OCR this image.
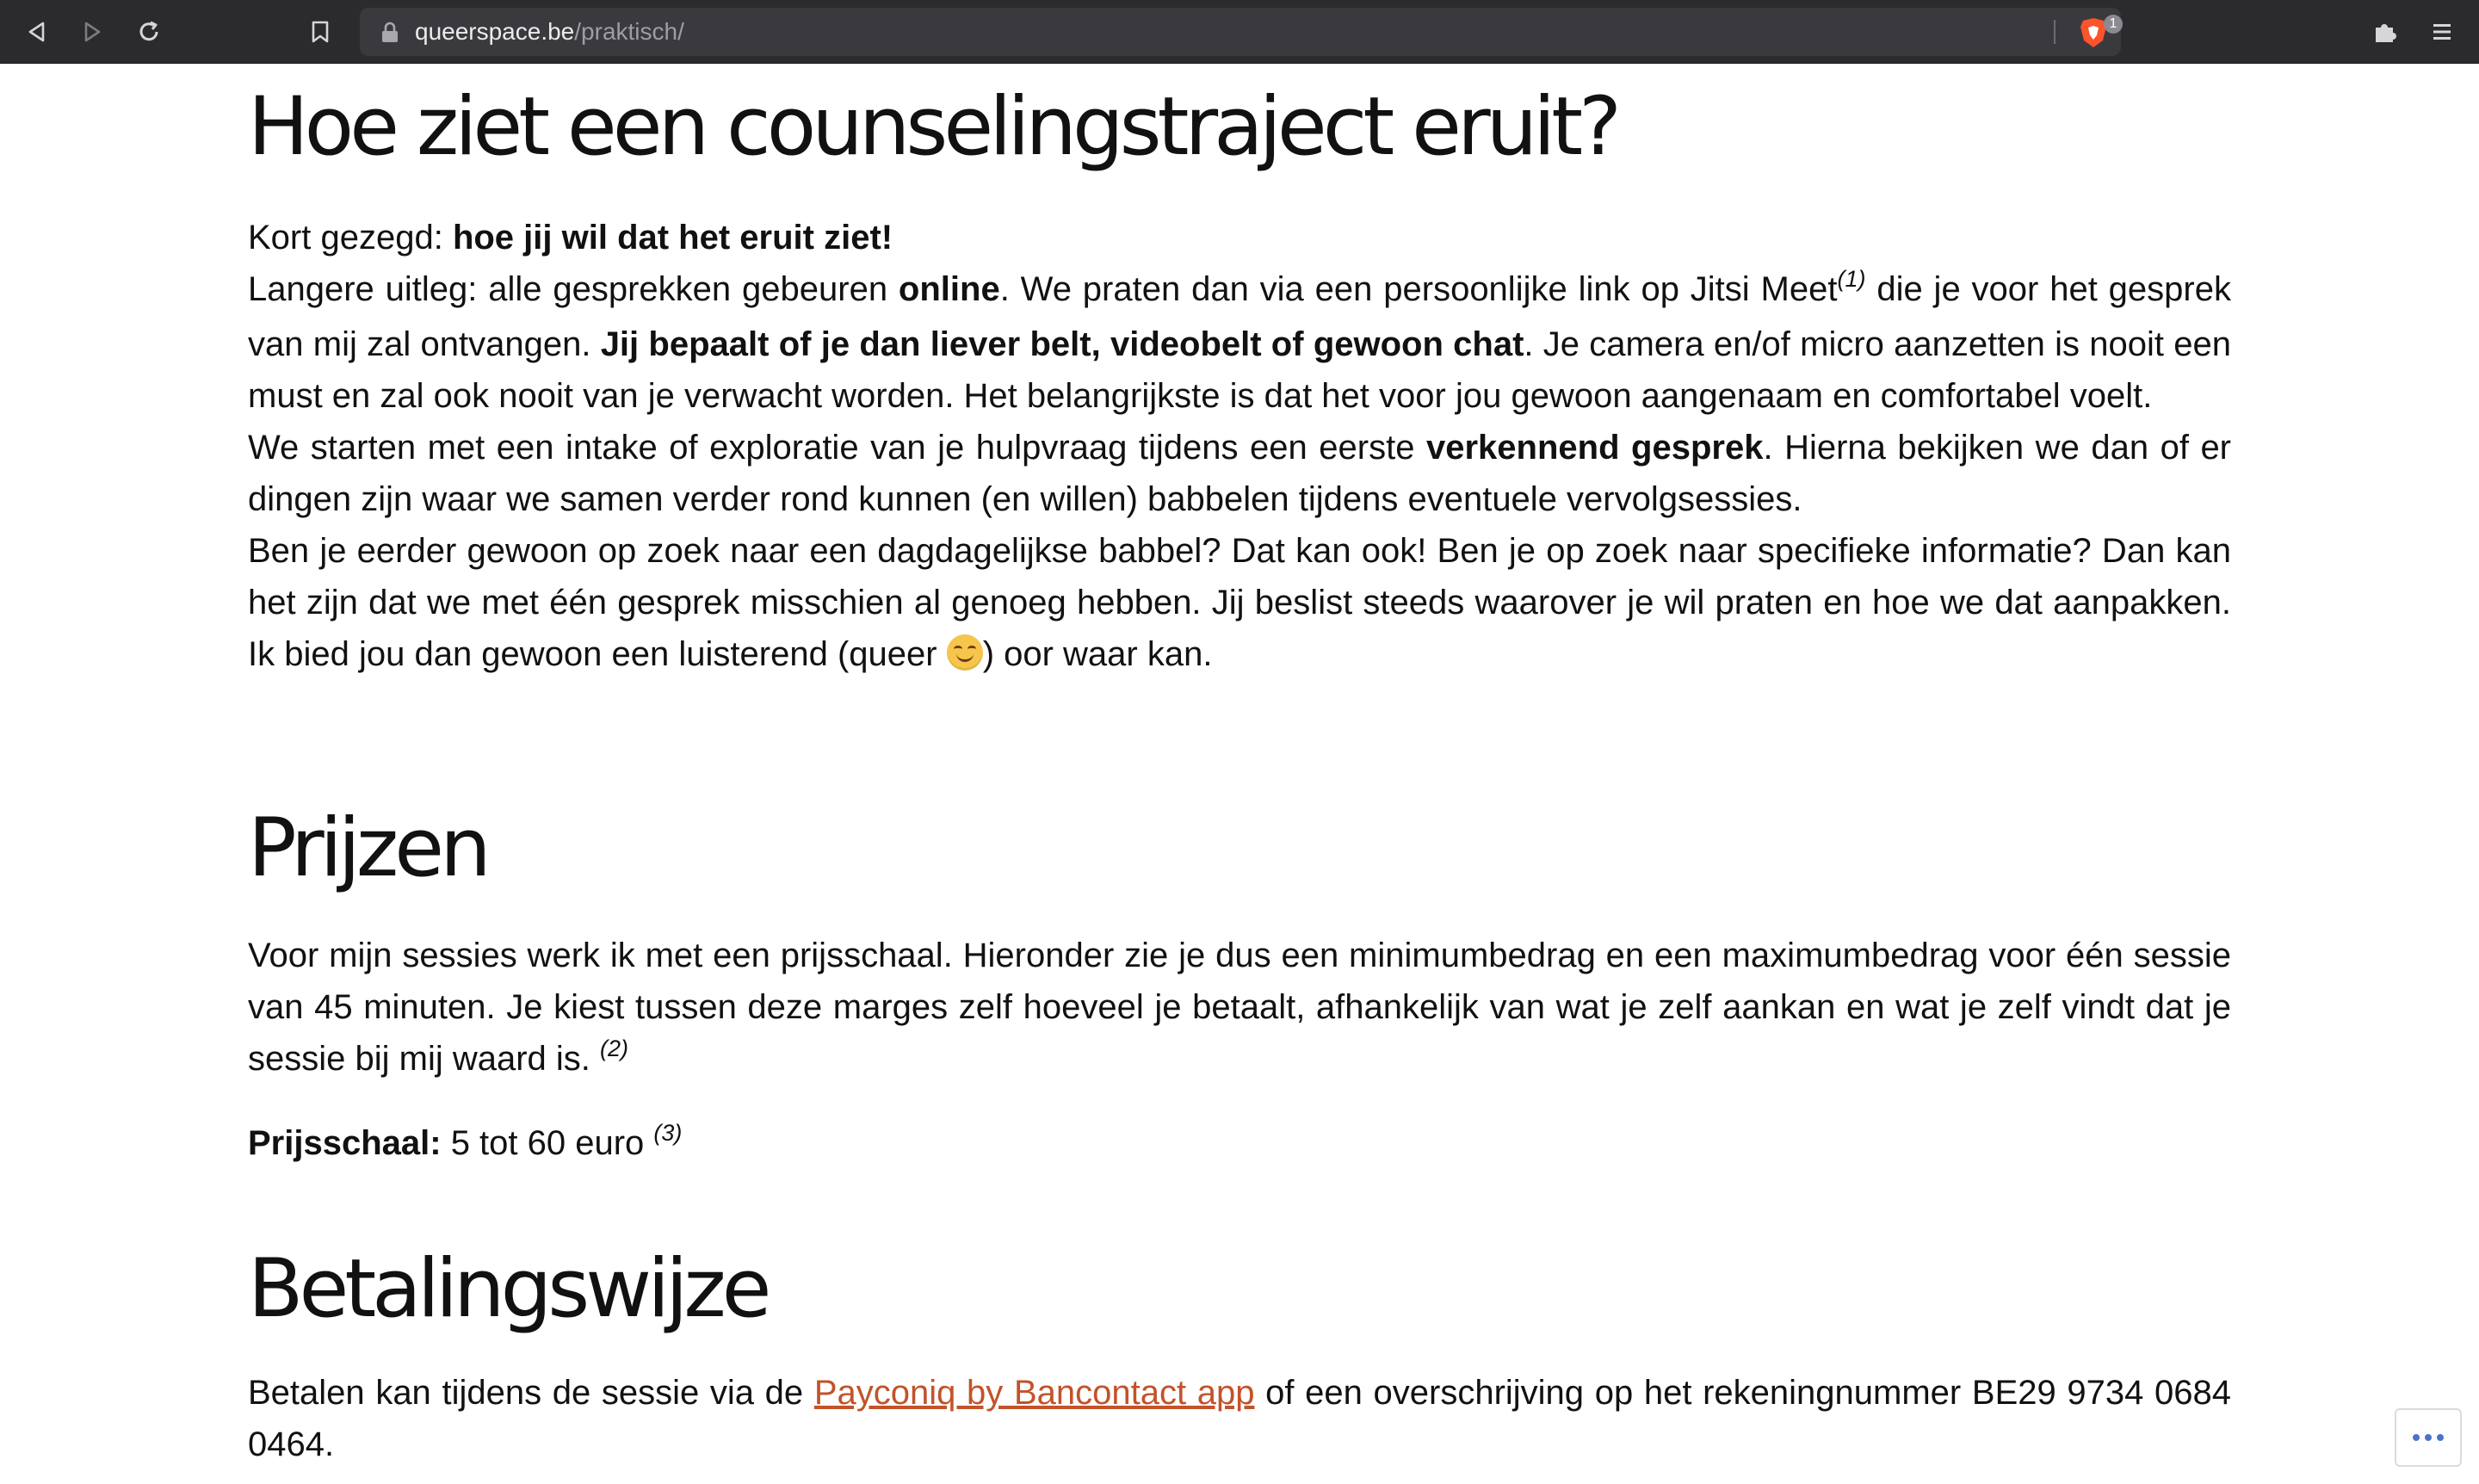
queerspace.be/praktisch/	1
Hoe ziet een counselingstraject eruit?
Kort gezegd: hoe jij wil dat het eruit ziet!
Langere uitleg: alle gesprekken gebeuren online. We praten dan via een persoonlijke link op Jitsi Meet$^{(1)}$ die je voor het gesprek van mij zal ontvangen. Jij bepaalt of je dan liever belt, videobelt of gewoon chat. Je camera en/of micro aanzetten is nooit een must en zal ook nooit van je verwacht worden. Het belangrijkste is dat het voor jou gewoon aangenaam en comfortabel voelt.
We starten met een intake of exploratie van je hulpvraag tijdens een eerste verkennend gesprek. Hierna bekijken we dan of er dingen zijn waar we samen verder rond kunnen (en willen) babbelen tijdens eventuele vervolgsessies.
Ben je eerder gewoon op zoek naar een dagdagelijkse babbel? Dat kan ook! Ben je op zoek naar specifieke informatie? Dan kan het zijn dat we met één gesprek misschien al genoeg hebben. Jij beslist steeds waarover je wil praten en hoe we dat aanpakken. Ik bied jou dan gewoon een luisterend (queer
) oor waar kan.
Prijzen
Voor mijn sessies werk ik met een prijsschaal. Hieronder zie je dus een minimumbedrag en een maximumbedrag voor één sessie van 45 minuten. Je kiest tussen deze marges zelf hoeveel je betaalt, afhankelijk van wat je zelf aankan en wat je zelf vindt dat je sessie bij mij waard is. $^{(2)}$
Prijsschaal: 5 tot 60 euro $^{(3)}$
Betalingswijze
Betalen kan tijdens de sessie via de Payconiq by Bancontact app of een overschrijving op het rekeningnummer BE29 9734 0684 0464.
